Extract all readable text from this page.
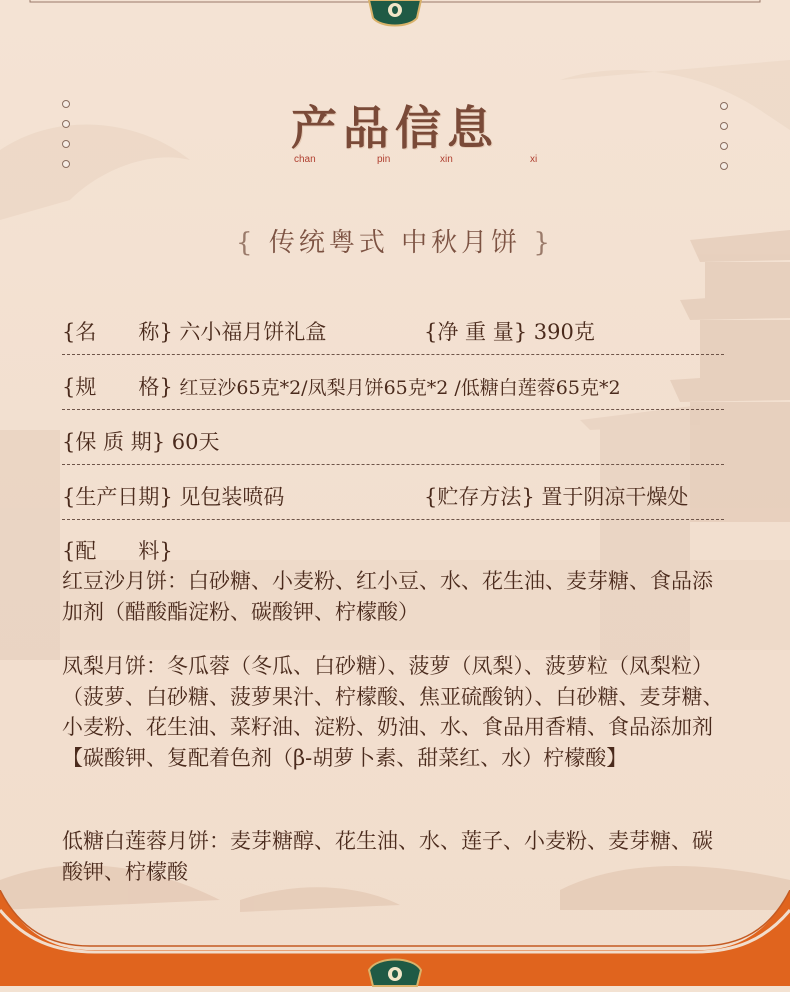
产品信息
chan	pin	xin	xi
{ 传统粤式 中秋月饼 }
{名　　称} 六小福月饼礼盒	{净 重 量} 390克
{规　　格} 红豆沙65克*2/凤梨月饼65克*2 /低糖白莲蓉65克*2
{保 质 期} 60天
{生产日期} 见包装喷码	{贮存方法} 置于阴凉干燥处
{配　　料}
红豆沙月饼：白砂糖、小麦粉、红小豆、水、花生油、麦芽糖、食品添加剂（醋酸酯淀粉、碳酸钾、柠檬酸）
凤梨月饼：冬瓜蓉（冬瓜、白砂糖）、菠萝（凤梨）、菠萝粒（凤梨粒）（菠萝、白砂糖、菠萝果汁、柠檬酸、焦亚硫酸钠）、白砂糖、麦芽糖、小麦粉、花生油、菜籽油、淀粉、奶油、水、食品用香精、食品添加剂【碳酸钾、复配着色剂（β-胡萝卜素、甜菜红、水）柠檬酸】
低糖白莲蓉月饼：麦芽糖醇、花生油、水、莲子、小麦粉、麦芽糖、碳酸钾、柠檬酸
